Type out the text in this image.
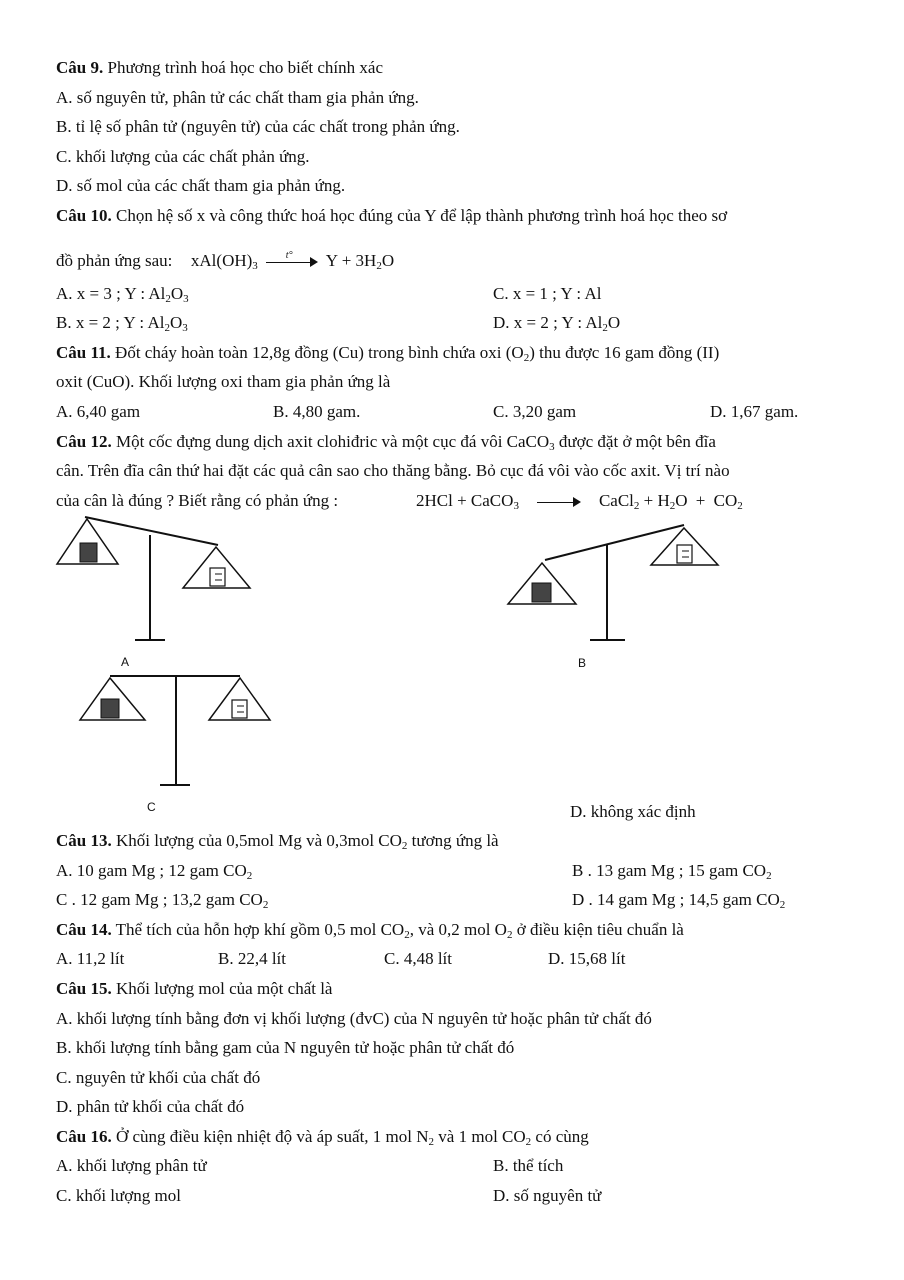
Câu 9. Phương trình hoá học cho biết chính xác
A. số nguyên tử, phân tử các chất tham gia phản ứng.
B. tỉ lệ số phân tử (nguyên tử) của các chất trong phản ứng.
C. khối lượng của các chất phản ứng.
D. số mol của các chất tham gia phản ứng.
Câu 10. Chọn hệ số x và công thức hoá học đúng của Y để lập thành phương trình hoá học theo sơ
đồ phản ứng sau: $xAl(OH)_3$
t° $Y + 3H_2O$
A. x = 3 ; Y : $Al_2O_3$	C. x = 1 ; Y : Al
B. x = 2 ; Y : $Al_2O_3$	D. x = 2 ; Y : $Al_2O$
Câu 11. Đốt cháy hoàn toàn 12,8g đồng (Cu) trong bình chứa oxi $(O_2)$ thu được 16 gam đồng (II)
oxit (CuO). Khối lượng oxi tham gia phản ứng là
A. 6,40 gam	B. 4,80 gam.	C. 3,20 gam	D. 1,67 gam.
Câu 12. Một cốc đựng dung dịch axit clohiđric và một cục đá vôi CaCO$_3$ được đặt ở một bên đĩa
cân. Trên đĩa cân thứ hai đặt các quả cân sao cho thăng bằng. Bỏ cục đá vôi vào cốc axit. Vị trí nào
của cân là đúng ? Biết rằng có phản ứng :	2HCl + CaCO$_3$	CaCl$_2$ + $H_2O + CO_2$
A	B
C	D. không xác định
Câu 13. Khối lượng của 0,5mol Mg và 0,3mol $CO_2$ tương ứng là
A. 10 gam Mg ; 12 gam $CO_2$	B . 13 gam Mg ; 15 gam $CO_2$
C . 12 gam Mg ; 13,2 gam $CO_2$	D . 14 gam Mg ; 14,5 gam $CO_2$
Câu 14. Thể tích của hỗn hợp khí gồm 0,5 mol $CO_2$, và 0,2 mol $O_2$ ở điều kiện tiêu chuẩn là
A. 11,2 lít	B. 22,4 lít	C. 4,48 lít	D. 15,68 lít
Câu 15. Khối lượng mol của một chất là
A. khối lượng tính bằng đơn vị khối lượng (đvC) của N nguyên tử hoặc phân tử chất đó
B. khối lượng tính bằng gam của N nguyên tử hoặc phân tử chất đó
C. nguyên tử khối của chất đó
D. phân tử khối của chất đó
Câu 16. Ở cùng điều kiện nhiệt độ và áp suất, 1 mol $N_2$ và 1 mol $CO_2$ có cùng
A. khối lượng phân tử	B. thể tích
C. khối lượng mol	D. số nguyên tử
